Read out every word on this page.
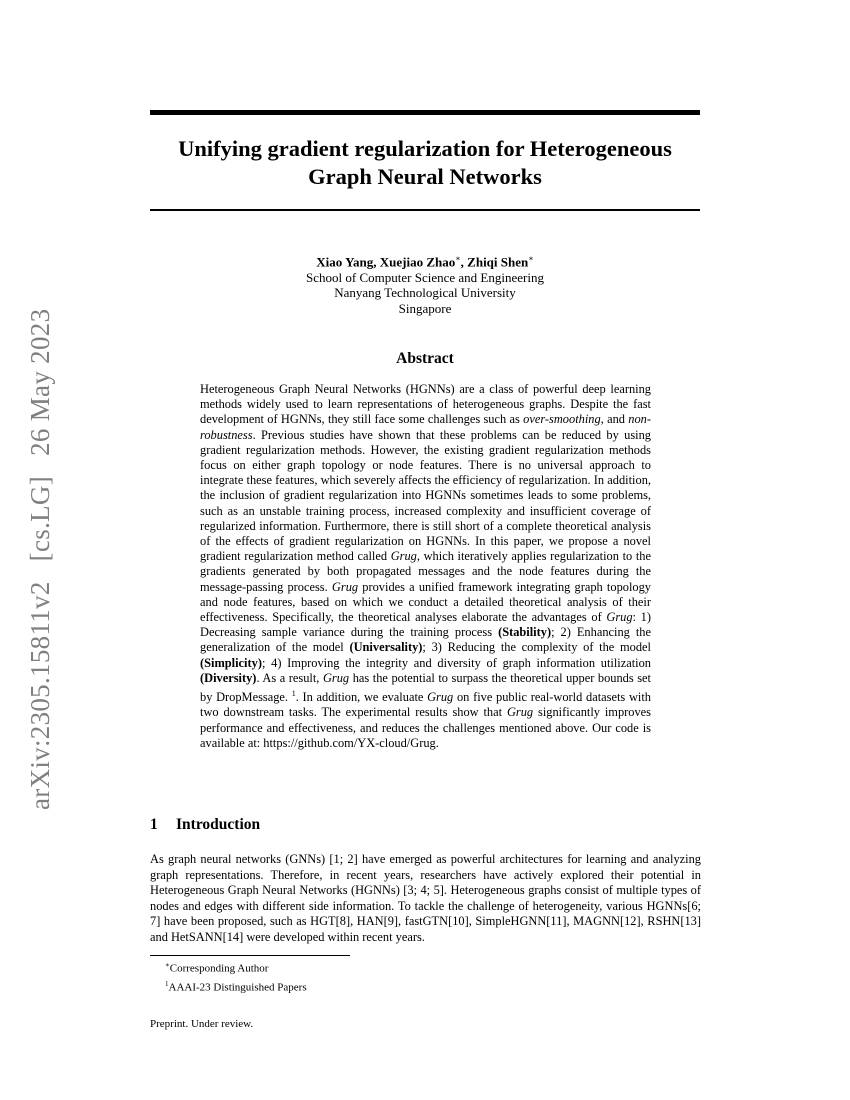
Unifying gradient regularization for Heterogeneous
Graph Neural Networks
arXiv:2305.15811v2 [cs.LG] 26 May 2023
Xiao Yang, Xuejiao Zhao∗, Zhiqi Shen∗
School of Computer Science and Engineering
Nanyang Technological University
Singapore
Abstract

Heterogeneous Graph Neural Networks (HGNNs) are a class of powerful deep learning methods widely used to learn representations of heterogeneous graphs. Despite the fast development of HGNNs, they still face some challenges such as over-smoothing, and non-robustness. Previous studies have shown that these problems can be reduced by using gradient regularization methods. However, the existing gradient regularization methods focus on either graph topology or node features. There is no universal approach to integrate these features, which severely affects the efficiency of regularization. In addition, the inclusion of gradient regularization into HGNNs sometimes leads to some problems, such as an unstable training process, increased complexity and insufficient coverage of regularized information. Furthermore, there is still short of a complete theoretical analysis of the effects of gradient regularization on HGNNs. In this paper, we propose a novel gradient regularization method called Grug, which iteratively applies regularization to the gradients generated by both propagated messages and the node features during the message-passing process. Grug provides a unified framework integrating graph topology and node features, based on which we conduct a detailed theoretical analysis of their effectiveness. Specifically, the theoretical analyses elaborate the advantages of Grug: 1) Decreasing sample variance during the training process (Stability); 2) Enhancing the generalization of the model (Universality); 3) Reducing the complexity of the model (Simplicity); 4) Improving the integrity and diversity of graph information utilization (Diversity). As a result, Grug has the potential to surpass the theoretical upper bounds set by DropMessage. $^1$. In addition, we evaluate Grug on five public real-world datasets with two downstream tasks. The experimental results show that Grug significantly improves performance and effectiveness, and reduces the challenges mentioned above. Our code is available at: https://github.com/YX-cloud/Grug.

1 Introduction

As graph neural networks (GNNs) [1; 2] have emerged as powerful architectures for learning and analyzing graph representations. Therefore, in recent years, researchers have actively explored their potential in Heterogeneous Graph Neural Networks (HGNNs) [3; 4; 5]. Heterogeneous graphs consist of multiple types of nodes and edges with different side information. To tackle the challenge of heterogeneity, various HGNNs[6; 7] have been proposed, such as HGT[8], HAN[9], fastGTN[10], SimpleHGNN[11], MAGNN[12], RSHN[13] and HetSANN[14] were developed within recent years.

∗Corresponding Author
$^1$AAAI-23 Distinguished Papers
Preprint. Under review.
